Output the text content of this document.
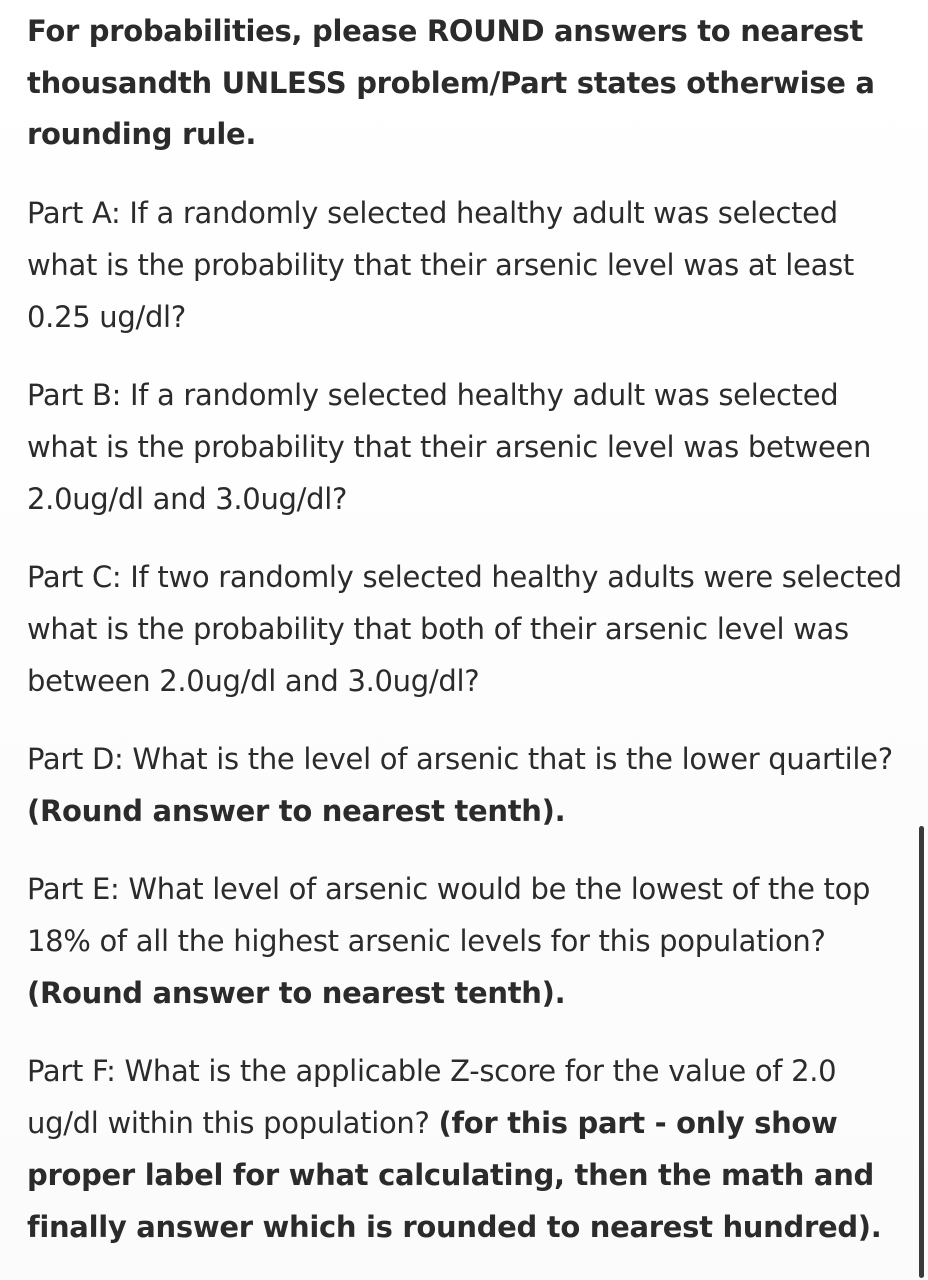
For probabilities, please ROUND answers to nearest thousandth UNLESS problem/Part states otherwise a rounding rule.

Part A: If a randomly selected healthy adult was selected what is the probability that their arsenic level was at least 0.25 ug/dl?

Part B: If a randomly selected healthy adult was selected what is the probability that their arsenic level was between 2.0ug/dl and 3.0ug/dl?

Part C: If two randomly selected healthy adults were selected what is the probability that both of their arsenic level was between 2.0ug/dl and 3.0ug/dl?

Part D: What is the level of arsenic that is the lower quartile? (Round answer to nearest tenth).

Part E: What level of arsenic would be the lowest of the top 18% of all the highest arsenic levels for this population? (Round answer to nearest tenth).

Part F: What is the applicable Z-score for the value of 2.0 ug/dl within this population? (for this part - only show proper label for what calculating, then the math and finally answer which is rounded to nearest hundred).
